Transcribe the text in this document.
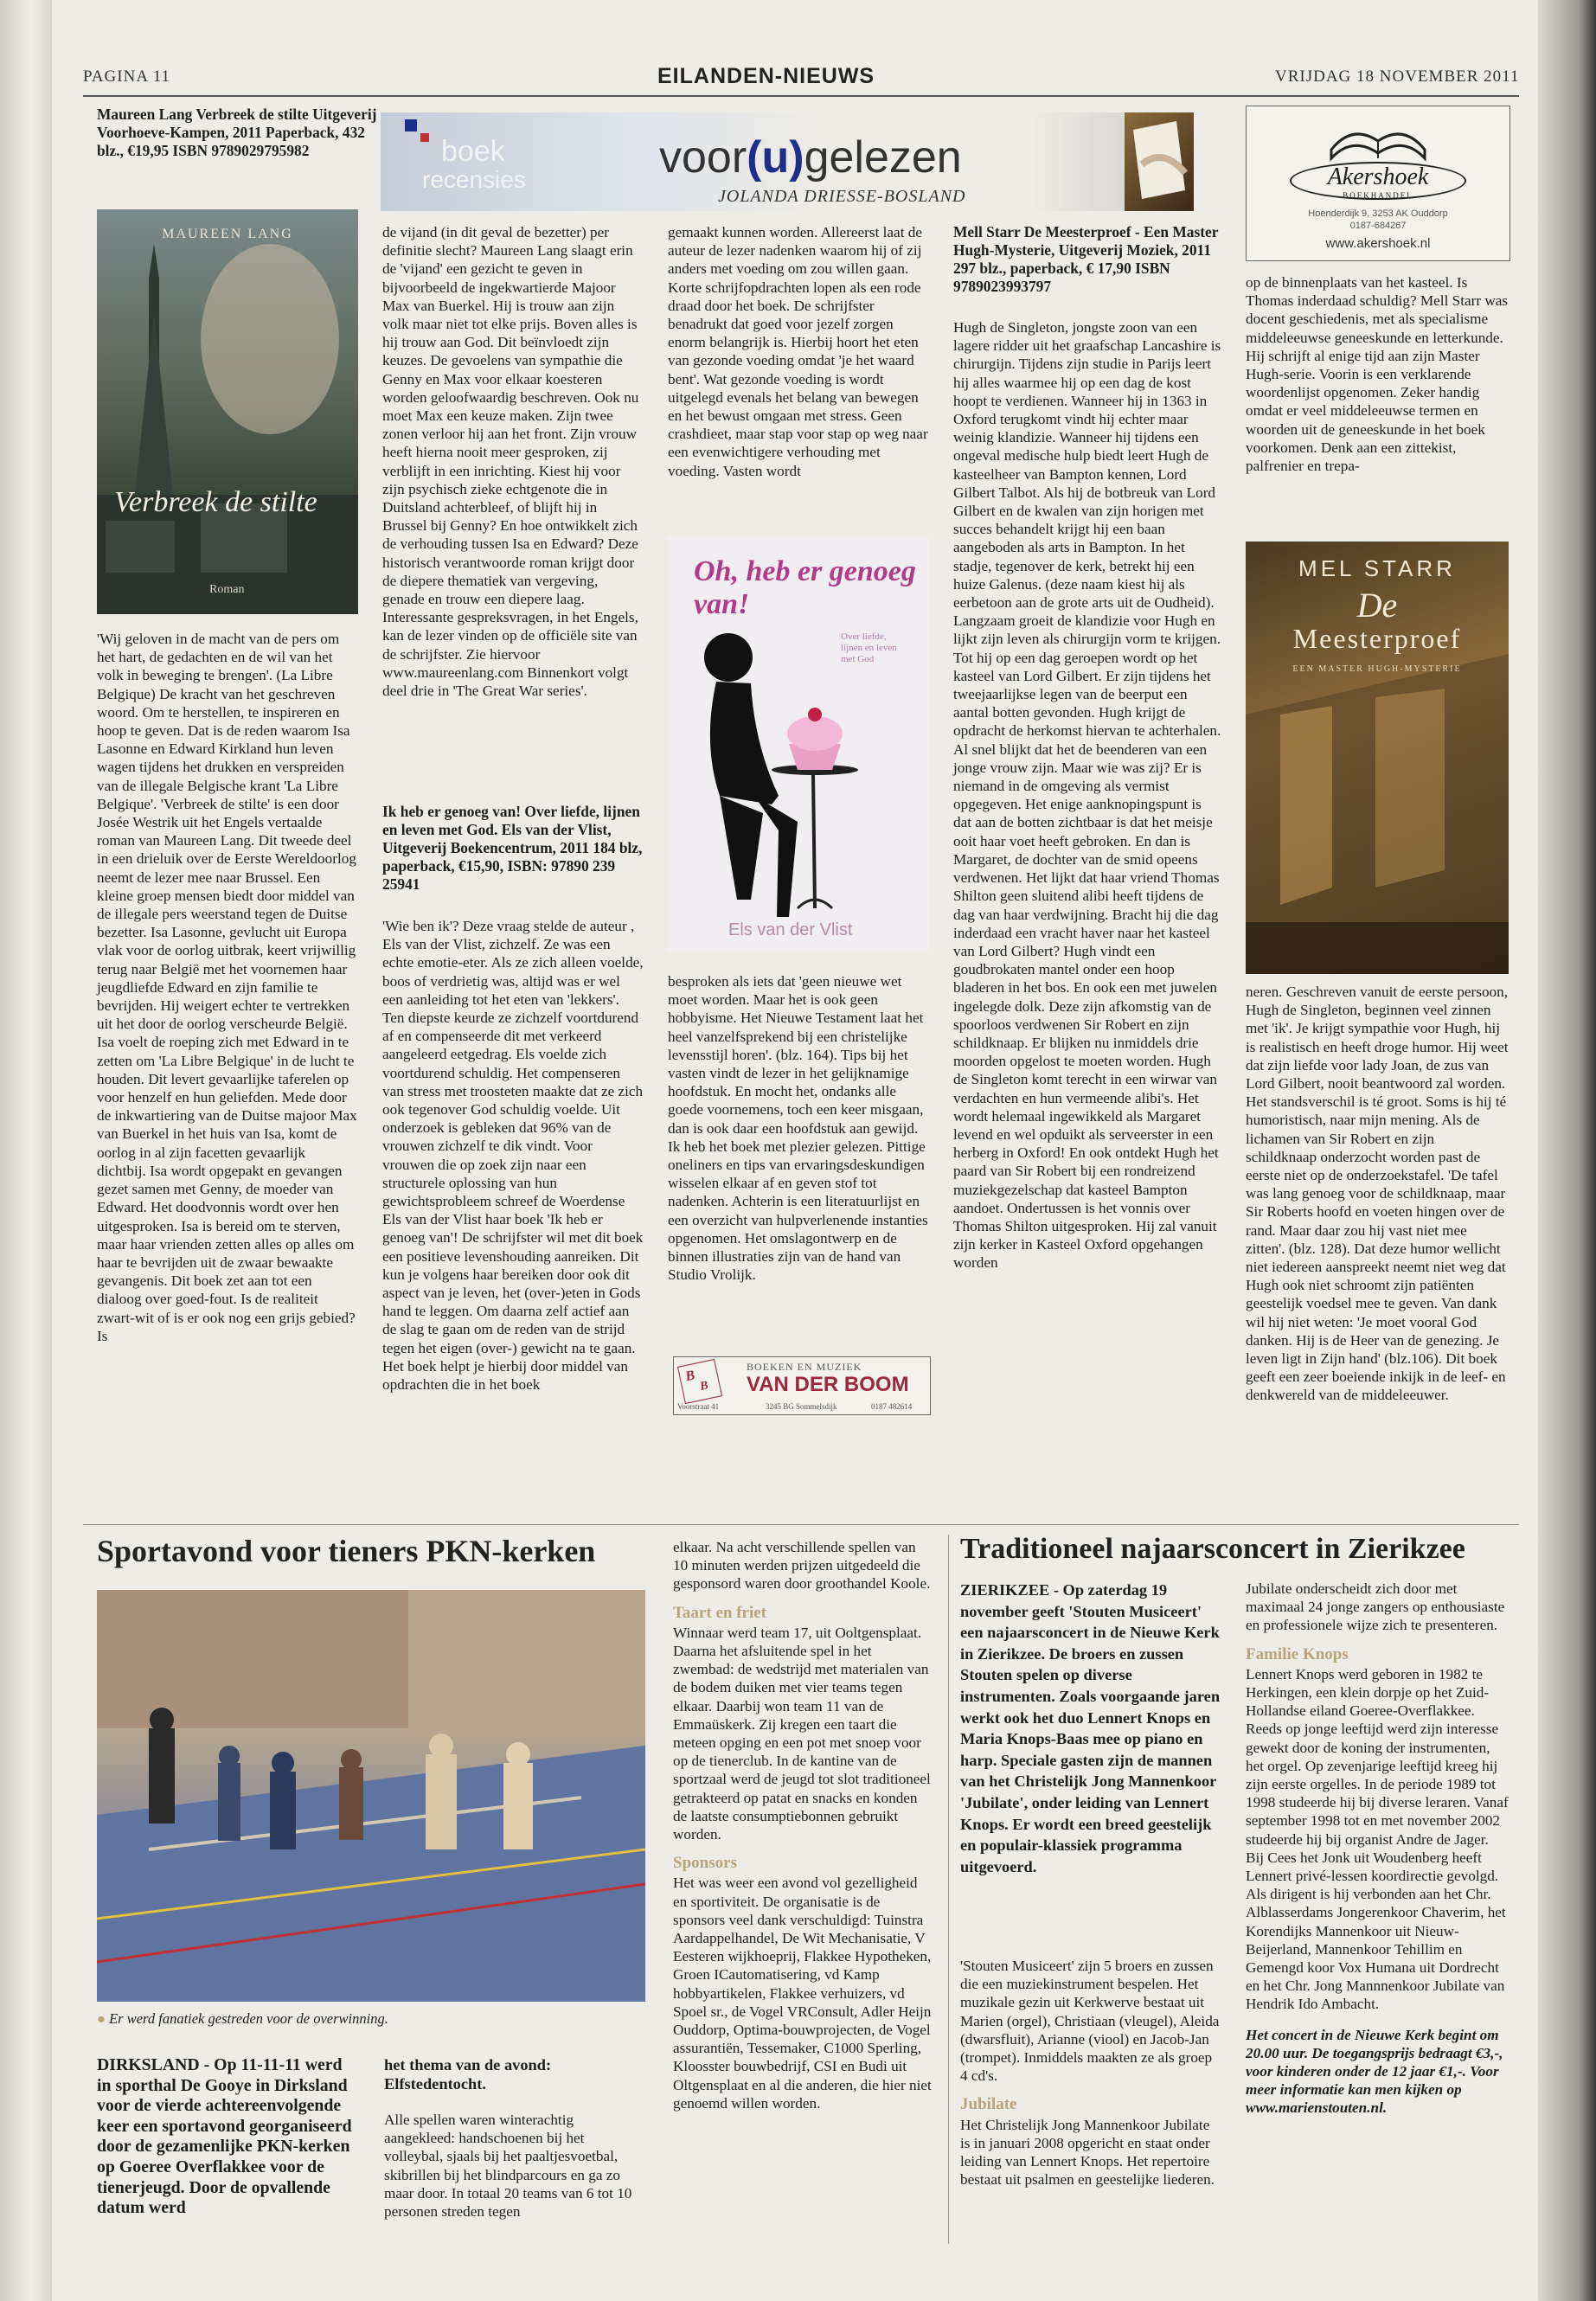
PAGINA 11	EILANDEN-NIEUWS	VRIJDAG 18 NOVEMBER 2011
Maureen Lang Verbreek de stilte Uitgeverij Voorhoeve-Kampen, 2011 Paperback, 432 blz., €19,95 ISBN 9789029795982
MAUREEN LANG
Verbreek de stilte
Roman
'Wij geloven in de macht van de pers om het hart, de gedachten en de wil van het volk in beweging te brengen'. (La Libre Belgique) De kracht van het geschreven woord. Om te herstellen, te inspireren en hoop te geven. Dat is de reden waarom Isa Lasonne en Edward Kirkland hun leven wagen tijdens het drukken en verspreiden van de illegale Belgische krant 'La Libre Belgique'. 'Verbreek de stilte' is een door Josée Westrik uit het Engels vertaalde roman van Maureen Lang. Dit tweede deel in een drieluik over de Eerste Wereldoorlog neemt de lezer mee naar Brussel. Een kleine groep mensen biedt door middel van de illegale pers weerstand tegen de Duitse bezetter. Isa Lasonne, gevlucht uit Europa vlak voor de oorlog uitbrak, keert vrijwillig terug naar België met het voornemen haar jeugdliefde Edward en zijn familie te bevrijden. Hij weigert echter te vertrekken uit het door de oorlog verscheurde België. Isa voelt de roeping zich met Edward in te zetten om 'La Libre Belgique' in de lucht te houden. Dit levert gevaarlijke taferelen op voor henzelf en hun geliefden. Mede door de inkwartiering van de Duitse majoor Max van Buerkel in het huis van Isa, komt de oorlog in al zijn facetten gevaarlijk dichtbij. Isa wordt opgepakt en gevangen gezet samen met Genny, de moeder van Edward. Het doodvonnis wordt over hen uitgesproken. Isa is bereid om te sterven, maar haar vrienden zetten alles op alles om haar te bevrijden uit de zwaar bewaakte gevangenis. Dit boek zet aan tot een dialoog over goed-fout. Is de realiteit zwart-wit of is er ook nog een grijs gebied? Is
boek
recensies	voor(u)gelezen
JOLANDA DRIESSE-BOSLAND
de vijand (in dit geval de bezetter) per definitie slecht? Maureen Lang slaagt erin de 'vijand' een gezicht te geven in bijvoorbeeld de ingekwartierde Majoor Max van Buerkel. Hij is trouw aan zijn volk maar niet tot elke prijs. Boven alles is hij trouw aan God. Dit beïnvloedt zijn keuzes. De gevoelens van sympathie die Genny en Max voor elkaar koesteren worden geloofwaardig beschreven. Ook nu moet Max een keuze maken. Zijn twee zonen verloor hij aan het front. Zijn vrouw heeft hierna nooit meer gesproken, zij verblijft in een inrichting. Kiest hij voor zijn psychisch zieke echtgenote die in Duitsland achterbleef, of blijft hij in Brussel bij Genny? En hoe ontwikkelt zich de verhouding tussen Isa en Edward? Deze historisch verantwoorde roman krijgt door de diepere thematiek van vergeving, genade en trouw een diepere laag. Interessante gespreksvragen, in het Engels, kan de lezer vinden op de officiële site van de schrijfster. Zie hiervoor www.maureenlang.com Binnenkort volgt deel drie in 'The Great War series'.
Ik heb er genoeg van! Over liefde, lijnen en leven met God. Els van der Vlist, Uitgeverij Boekencentrum, 2011 184 blz, paperback, €15,90, ISBN: 97890 239 25941
'Wie ben ik'? Deze vraag stelde de auteur , Els van der Vlist, zichzelf. Ze was een echte emotie-eter. Als ze zich alleen voelde, boos of verdrietig was, altijd was er wel een aanleiding tot het eten van 'lekkers'. Ten diepste keurde ze zichzelf voortdurend af en compenseerde dit met verkeerd aangeleerd eetgedrag. Els voelde zich voortdurend schuldig. Het compenseren van stress met troosteten maakte dat ze zich ook tegenover God schuldig voelde. Uit onderzoek is gebleken dat 96% van de vrouwen zichzelf te dik vindt. Voor vrouwen die op zoek zijn naar een structurele oplossing van hun gewichtsprobleem schreef de Woerdense Els van der Vlist haar boek 'Ik heb er genoeg van'! De schrijfster wil met dit boek een positieve levenshouding aanreiken. Dit kun je volgens haar bereiken door ook dit aspect van je leven, het (over-)eten in Gods hand te leggen. Om daarna zelf actief aan de slag te gaan om de reden van de strijd tegen het eigen (over-) gewicht na te gaan. Het boek helpt je hierbij door middel van opdrachten die in het boek
gemaakt kunnen worden. Allereerst laat de auteur de lezer nadenken waarom hij of zij anders met voeding om zou willen gaan. Korte schrijfopdrachten lopen als een rode draad door het boek. De schrijfster benadrukt dat goed voor jezelf zorgen enorm belangrijk is. Hierbij hoort het eten van gezonde voeding omdat 'je het waard bent'. Wat gezonde voeding is wordt uitgelegd evenals het belang van bewegen en het bewust omgaan met stress. Geen crashdieet, maar stap voor stap op weg naar een evenwichtigere verhouding met voeding. Vasten wordt
Oh, heb er genoeg van!
Over liefde, lijnen en leven met God
Els van der Vlist
besproken als iets dat 'geen nieuwe wet moet worden. Maar het is ook geen hobbyisme. Het Nieuwe Testament laat het heel vanzelfsprekend bij een christelijke levensstijl horen'. (blz. 164). Tips bij het vasten vindt de lezer in het gelijknamige hoofdstuk. En mocht het, ondanks alle goede voornemens, toch een keer misgaan, dan is ook daar een hoofdstuk aan gewijd. Ik heb het boek met plezier gelezen. Pittige oneliners en tips van ervaringsdeskundigen wisselen elkaar af en geven stof tot nadenken. Achterin is een literatuurlijst en een overzicht van hulpverlenende instanties opgenomen. Het omslagontwerp en de binnen illustraties zijn van de hand van Studio Vrolijk.
B
B
BOEKEN EN MUZIEK
VAN DER BOOM
Voorstraat 41	3245 BG Sommelsdijk	0187 482614
Mell Starr De Meesterproef - Een Master Hugh-Mysterie, Uitgeverij Moziek, 2011 297 blz., paperback, € 17,90 ISBN 9789023993797
Hugh de Singleton, jongste zoon van een lagere ridder uit het graafschap Lancashire is chirurgijn. Tijdens zijn studie in Parijs leert hij alles waarmee hij op een dag de kost hoopt te verdienen. Wanneer hij in 1363 in Oxford terugkomt vindt hij echter maar weinig klandizie. Wanneer hij tijdens een ongeval medische hulp biedt leert Hugh de kasteelheer van Bampton kennen, Lord Gilbert Talbot. Als hij de botbreuk van Lord Gilbert en de kwalen van zijn horigen met succes behandelt krijgt hij een baan aangeboden als arts in Bampton. In het stadje, tegenover de kerk, betrekt hij een huize Galenus. (deze naam kiest hij als eerbetoon aan de grote arts uit de Oudheid). Langzaam groeit de klandizie voor Hugh en lijkt zijn leven als chirurgijn vorm te krijgen. Tot hij op een dag geroepen wordt op het kasteel van Lord Gilbert. Er zijn tijdens het tweejaarlijkse legen van de beerput een aantal botten gevonden. Hugh krijgt de opdracht de herkomst hiervan te achterhalen. Al snel blijkt dat het de beenderen van een jonge vrouw zijn. Maar wie was zij? Er is niemand in de omgeving als vermist opgegeven. Het enige aanknopingspunt is dat aan de botten zichtbaar is dat het meisje ooit haar voet heeft gebroken. En dan is Margaret, de dochter van de smid opeens verdwenen. Het lijkt dat haar vriend Thomas Shilton geen sluitend alibi heeft tijdens de dag van haar verdwijning. Bracht hij die dag inderdaad een vracht haver naar het kasteel van Lord Gilbert? Hugh vindt een goudbrokaten mantel onder een hoop bladeren in het bos. En ook een met juwelen ingelegde dolk. Deze zijn afkomstig van de spoorloos verdwenen Sir Robert en zijn schildknaap. Er blijken nu inmiddels drie moorden opgelost te moeten worden. Hugh de Singleton komt terecht in een wirwar van verdachten en hun vermeende alibi's. Het wordt helemaal ingewikkeld als Margaret levend en wel opduikt als serveerster in een herberg in Oxford! En ook ontdekt Hugh het paard van Sir Robert bij een rondreizend muziekgezelschap dat kasteel Bampton aandoet. Ondertussen is het vonnis over Thomas Shilton uitgesproken. Hij zal vanuit zijn kerker in Kasteel Oxford opgehangen worden
Akershoek
BOEKHANDEL
Hoenderdijk 9, 3253 AK Ouddorp
0187-684267
www.akershoek.nl
op de binnenplaats van het kasteel. Is Thomas inderdaad schuldig? Mell Starr was docent geschiedenis, met als specialisme middeleeuwse geneeskunde en letterkunde. Hij schrijft al enige tijd aan zijn Master Hugh-serie. Voorin is een verklarende woordenlijst opgenomen. Zeker handig omdat er veel middeleeuwse termen en woorden uit de geneeskunde in het boek voorkomen. Denk aan een zittekist, palfrenier en trepa-
MEL STARR
De
Meesterproef
EEN MASTER HUGH-MYSTERIE
neren. Geschreven vanuit de eerste persoon, Hugh de Singleton, beginnen veel zinnen met 'ik'. Je krijgt sympathie voor Hugh, hij is realistisch en heeft droge humor. Hij weet dat zijn liefde voor lady Joan, de zus van Lord Gilbert, nooit beantwoord zal worden. Het standsverschil is té groot. Soms is hij té humoristisch, naar mijn mening. Als de lichamen van Sir Robert en zijn schildknaap onderzocht worden past de eerste niet op de onderzoekstafel. 'De tafel was lang genoeg voor de schildknaap, maar Sir Roberts hoofd en voeten hingen over de rand. Maar daar zou hij vast niet mee zitten'. (blz. 128). Dat deze humor wellicht niet iedereen aanspreekt neemt niet weg dat Hugh ook niet schroomt zijn patiënten geestelijk voedsel mee te geven. Van dank wil hij niet weten: 'Je moet vooral God danken. Hij is de Heer van de genezing. Je leven ligt in Zijn hand' (blz.106). Dit boek geeft een zeer boeiende inkijk in de leef- en denkwereld van de middeleeuwer.
Sportavond voor tieners PKN-kerken
● Er werd fanatiek gestreden voor de overwinning.
DIRKSLAND - Op 11-11-11 werd in sporthal De Gooye in Dirksland voor de vierde achtereenvolgende keer een sportavond georganiseerd door de gezamenlijke PKN-kerken op Goeree Overflakkee voor de tienerjeugd. Door de opvallende datum werd
het thema van de avond: Elfstedentocht.
Alle spellen waren winterachtig aangekleed: handschoenen bij het volleybal, sjaals bij het paaltjesvoetbal, skibrillen bij het blindparcours en ga zo maar door. In totaal 20 teams van 6 tot 10 personen streden tegen
elkaar. Na acht verschillende spellen van 10 minuten werden prijzen uitgedeeld die gesponsord waren door groothandel Koole.
Taart en friet
Winnaar werd team 17, uit Ooltgensplaat. Daarna het afsluitende spel in het zwembad: de wedstrijd met materialen van de bodem duiken met vier teams tegen elkaar. Daarbij won team 11 van de Emmaüskerk. Zij kregen een taart die meteen opging en een pot met snoep voor op de tienerclub. In de kantine van de sportzaal werd de jeugd tot slot traditioneel getrakteerd op patat en snacks en konden de laatste consumptiebonnen gebruikt worden.
Sponsors
Het was weer een avond vol gezelligheid en sportiviteit. De organisatie is de sponsors veel dank verschuldigd: Tuinstra Aardappelhandel, De Wit Mechanisatie, V Eesteren wijkhoeprij, Flakkee Hypotheken, Groen ICautomatisering, vd Kamp hobbyartikelen, Flakkee verhuizers, vd Spoel sr., de Vogel VRConsult, Adler Heijn Ouddorp, Optima-bouwprojecten, de Vogel assurantiën, Tessemaker, C1000 Sperling, Kloosster bouwbedrijf, CSI en Budi uit Oltgensplaat en al die anderen, die hier niet genoemd willen worden.
Traditioneel najaarsconcert in Zierikzee
ZIERIKZEE - Op zaterdag 19 november geeft 'Stouten Musiceert' een najaarsconcert in de Nieuwe Kerk in Zierikzee. De broers en zussen Stouten spelen op diverse instrumenten. Zoals voorgaande jaren werkt ook het duo Lennert Knops en Maria Knops-Baas mee op piano en harp. Speciale gasten zijn de mannen van het Christelijk Jong Mannenkoor 'Jubilate', onder leiding van Lennert Knops. Er wordt een breed geestelijk en populair-klassiek programma uitgevoerd.
'Stouten Musiceert' zijn 5 broers en zussen die een muziekinstrument bespelen. Het muzikale gezin uit Kerkwerve bestaat uit Marien (orgel), Christiaan (vleugel), Aleida (dwarsfluit), Arianne (viool) en Jacob-Jan (trompet). Inmiddels maakten ze als groep 4 cd's.
Jubilate
Het Christelijk Jong Mannenkoor Jubilate is in januari 2008 opgericht en staat onder leiding van Lennert Knops. Het repertoire bestaat uit psalmen en geestelijke liederen.
Jubilate onderscheidt zich door met maximaal 24 jonge zangers op enthousiaste en professionele wijze zich te presenteren.
Familie Knops
Lennert Knops werd geboren in 1982 te Herkingen, een klein dorpje op het Zuid-Hollandse eiland Goeree-Overflakkee. Reeds op jonge leeftijd werd zijn interesse gewekt door de koning der instrumenten, het orgel. Op zevenjarige leeftijd kreeg hij zijn eerste orgelles. In de periode 1989 tot 1998 studeerde hij bij diverse leraren. Vanaf september 1998 tot en met november 2002 studeerde hij bij organist Andre de Jager. Bij Cees het Jonk uit Woudenberg heeft Lennert privé-lessen koordirectie gevolgd. Als dirigent is hij verbonden aan het Chr. Alblasserdams Jongerenkoor Chaverim, het Korendijks Mannenkoor uit Nieuw-Beijerland, Mannenkoor Tehillim en Gemengd koor Vox Humana uit Dordrecht en het Chr. Jong Mannnenkoor Jubilate van Hendrik Ido Ambacht.
Het concert in de Nieuwe Kerk begint om 20.00 uur. De toegangsprijs bedraagt €3,-, voor kinderen onder de 12 jaar €1,-. Voor meer informatie kan men kijken op www.marienstouten.nl.
